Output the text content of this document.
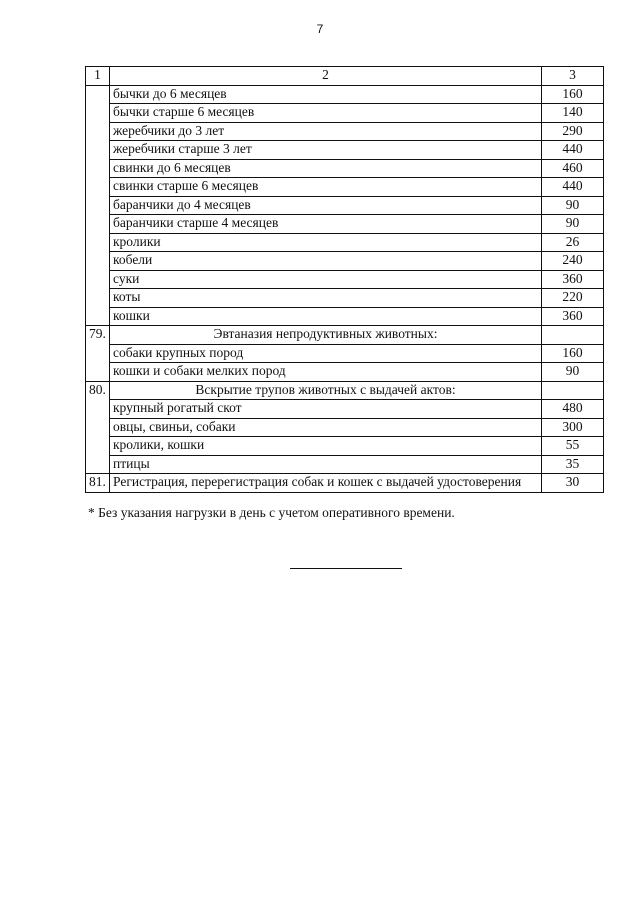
7
1	2	3
	бычки до 6 месяцев	160
	бычки старше 6 месяцев	140
	жеребчики до 3 лет	290
	жеребчики старше 3 лет	440
	свинки до 6 месяцев	460
	свинки старше 6 месяцев	440
	баранчики до 4 месяцев	90
	баранчики старше 4 месяцев	90
	кролики	26
	кобели	240
	суки	360
	коты	220
	кошки	360
79.	Эвтаназия непродуктивных животных:	
	собаки крупных пород	160
	кошки и собаки мелких пород	90
80.	Вскрытие трупов животных с выдачей актов:	
	крупный рогатый скот	480
	овцы, свиньи, собаки	300
	кролики, кошки	55
	птицы	35
81.	Регистрация, перерегистрация собак и кошек с выдачей удостоверения	30
* Без указания нагрузки в день с учетом оперативного времени.
